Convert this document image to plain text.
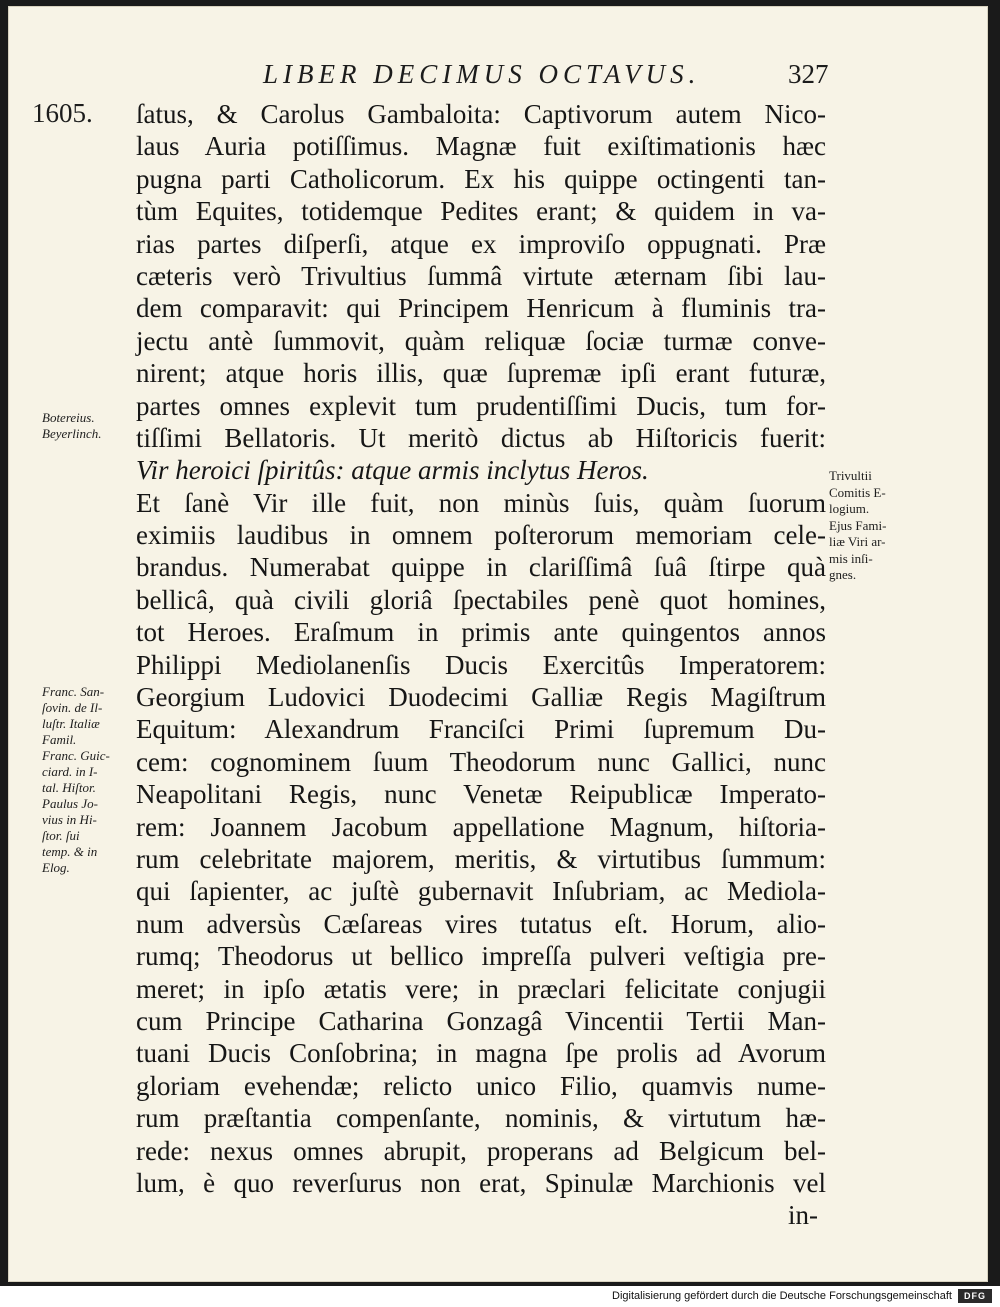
LIBER DECIMUS OCTAVUS.	327
1605. ſatus, & Carolus Gambaloita: Captivorum autem Nico-
laus Auria potiſſimus. Magnæ fuit exiſtimationis hæc
pugna parti Catholicorum. Ex his quippe octingenti tan-
tùm Equites, totidemque Pedites erant; & quidem in va-
rias partes diſperſi, atque ex improviſo oppugnati. Præ
cæteris verò Trivultius ſummâ virtute æternam ſibi lau-
dem comparavit: qui Principem Henricum à fluminis tra-
jectu antè ſummovit, quàm reliquæ ſociæ turmæ conve-
nirent; atque horis illis, quæ ſupremæ ipſi erant futuræ,
partes omnes explevit tum prudentiſſimi Ducis, tum for-
tiſſimi Bellatoris. Ut meritò dictus ab Hiſtoricis fuerit:
Vir heroici ſpiritûs: atque armis inclytus Heros.
Et ſanè Vir ille fuit, non minùs ſuis, quàm ſuorum
eximiis laudibus in omnem poſterorum memoriam cele-
brandus. Numerabat quippe in clariſſimâ ſuâ ſtirpe quà
bellicâ, quà civili gloriâ ſpectabiles penè quot homines,
tot Heroes. Eraſmum in primis ante quingentos annos
Philippi Mediolanenſis Ducis Exercitûs Imperatorem:
Georgium Ludovici Duodecimi Galliæ Regis Magiſtrum
Equitum: Alexandrum Franciſci Primi ſupremum Du-
cem: cognominem ſuum Theodorum nunc Gallici, nunc
Neapolitani Regis, nunc Venetæ Reipublicæ Imperato-
rem: Joannem Jacobum appellatione Magnum, hiſtoria-
rum celebritate majorem, meritis, & virtutibus ſummum:
qui ſapienter, ac juſtè gubernavit Inſubriam, ac Mediola-
num adversùs Cæſareas vires tutatus eſt. Horum, alio-
rumq; Theodorus ut bellico impreſſa pulveri veſtigia pre-
meret; in ipſo ætatis vere; in præclari felicitate conjugii
cum Principe Catharina Gonzagâ Vincentii Tertii Man-
tuani Ducis Conſobrina; in magna ſpe prolis ad Avorum
gloriam evehendæ; relicto unico Filio, quamvis nume-
rum præſtantia compenſante, nominis, & virtutum hæ-
rede: nexus omnes abrupit, properans ad Belgicum bel-
lum, è quo reverſurus non erat, Spinulæ Marchionis vel
in-
Botereius.
Beyerlinch.
Franc. San-
ſovin. de Il-
luſtr. Italiæ
Famil.
Franc. Guic-
ciard. in I-
tal. Hiſtor.
Paulus Jo-
vius in Hi-
ſtor. ſui
temp. & in
Elog.
Trivultii
Comitis E-
logium.
Ejus Fami-
liæ Viri ar-
mis inſi-
gnes.
Digitalisierung gefördert durch die Deutsche Forschungsgemeinschaft	DFG
